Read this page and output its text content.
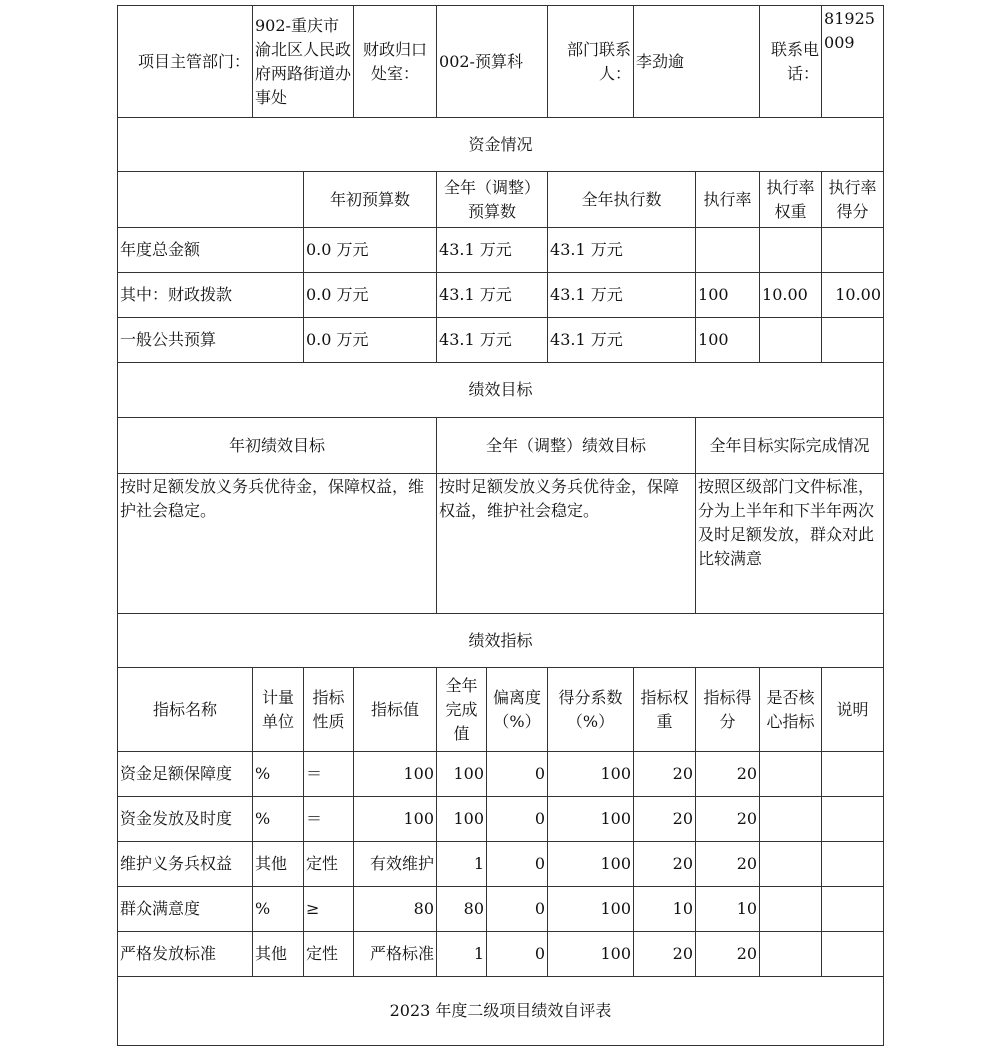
项目主管部门：	902-重庆市渝北区人民政府两路街道办事处		财政归口处室：	002-预算科		部门联系人：	李劲逾		联系电话：	81925009
资金情况										
		年初预算数		全年（调整）预算数		全年执行数		执行率	执行率权重	执行率得分
年度总金额		0.0 万元		43.1 万元		43.1 万元				
其中：财政拨款		0.0 万元		43.1 万元		43.1 万元		100	10.00	10.00
一般公共预算		0.0 万元		43.1 万元		43.1 万元		100		
绩效目标										
年初绩效目标				全年（调整）绩效目标				全年目标实际完成情况		
按时足额发放义务兵优待金，保障权益，维护社会稳定。				按时足额发放义务兵优待金，保障权益，维护社会稳定。				按照区级部门文件标准，分为上半年和下半年两次及时足额发放，群众对此比较满意		
绩效指标										
指标名称	计量单位	指标性质	指标值	全年完成值	偏离度（%）	得分系数（%）	指标权重	指标得分	是否核心指标	说明
资金足额保障度	%	＝	100	100	0	100	20	20		
资金发放及时度	%	＝	100	100	0	100	20	20		
维护义务兵权益	其他	定性	有效维护	1	0	100	20	20		
群众满意度	%	≥	80	80	0	100	10	10		
严格发放标准	其他	定性	严格标准	1	0	100	20	20		
2023 年度二级项目绩效自评表										
